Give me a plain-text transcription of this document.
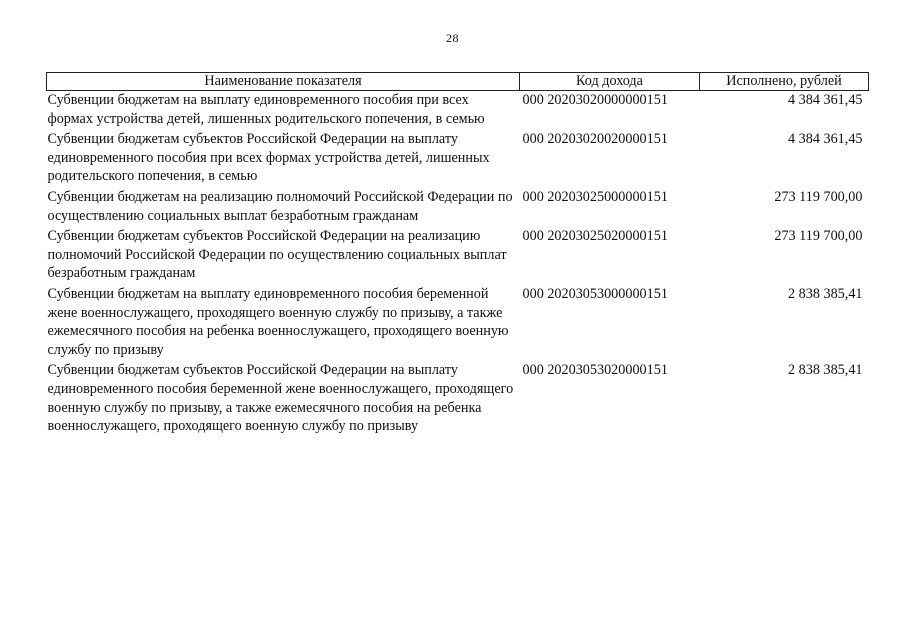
28
Наименование показателя	Код дохода	Исполнено, рублей
Субвенции бюджетам на выплату единовременного пособия при всех формах устройства детей, лишенных родительского попечения, в семью	000 20203020000000151	4 384 361,45
Субвенции бюджетам субъектов Российской Федерации на выплату единовременного пособия при всех формах устройства детей, лишенных родительского попечения, в семью	000 20203020020000151	4 384 361,45
Субвенции бюджетам на реализацию полномочий Российской Федерации по осуществлению социальных выплат безработным гражданам	000 20203025000000151	273 119 700,00
Субвенции бюджетам субъектов Российской Федерации на реализацию полномочий Российской Федерации по осуществлению социальных выплат безработным гражданам	000 20203025020000151	273 119 700,00
Субвенции бюджетам на выплату единовременного пособия беременной жене военнослужащего, проходящего военную службу по призыву, а также ежемесячного пособия на ребенка военнослужащего, проходящего военную службу по призыву	000 20203053000000151	2 838 385,41
Субвенции бюджетам субъектов Российской Федерации на выплату единовременного пособия беременной жене военнослужащего, проходящего военную службу по призыву, а также ежемесячного пособия на ребенка военнослужащего, проходящего военную службу по призыву	000 20203053020000151	2 838 385,41
